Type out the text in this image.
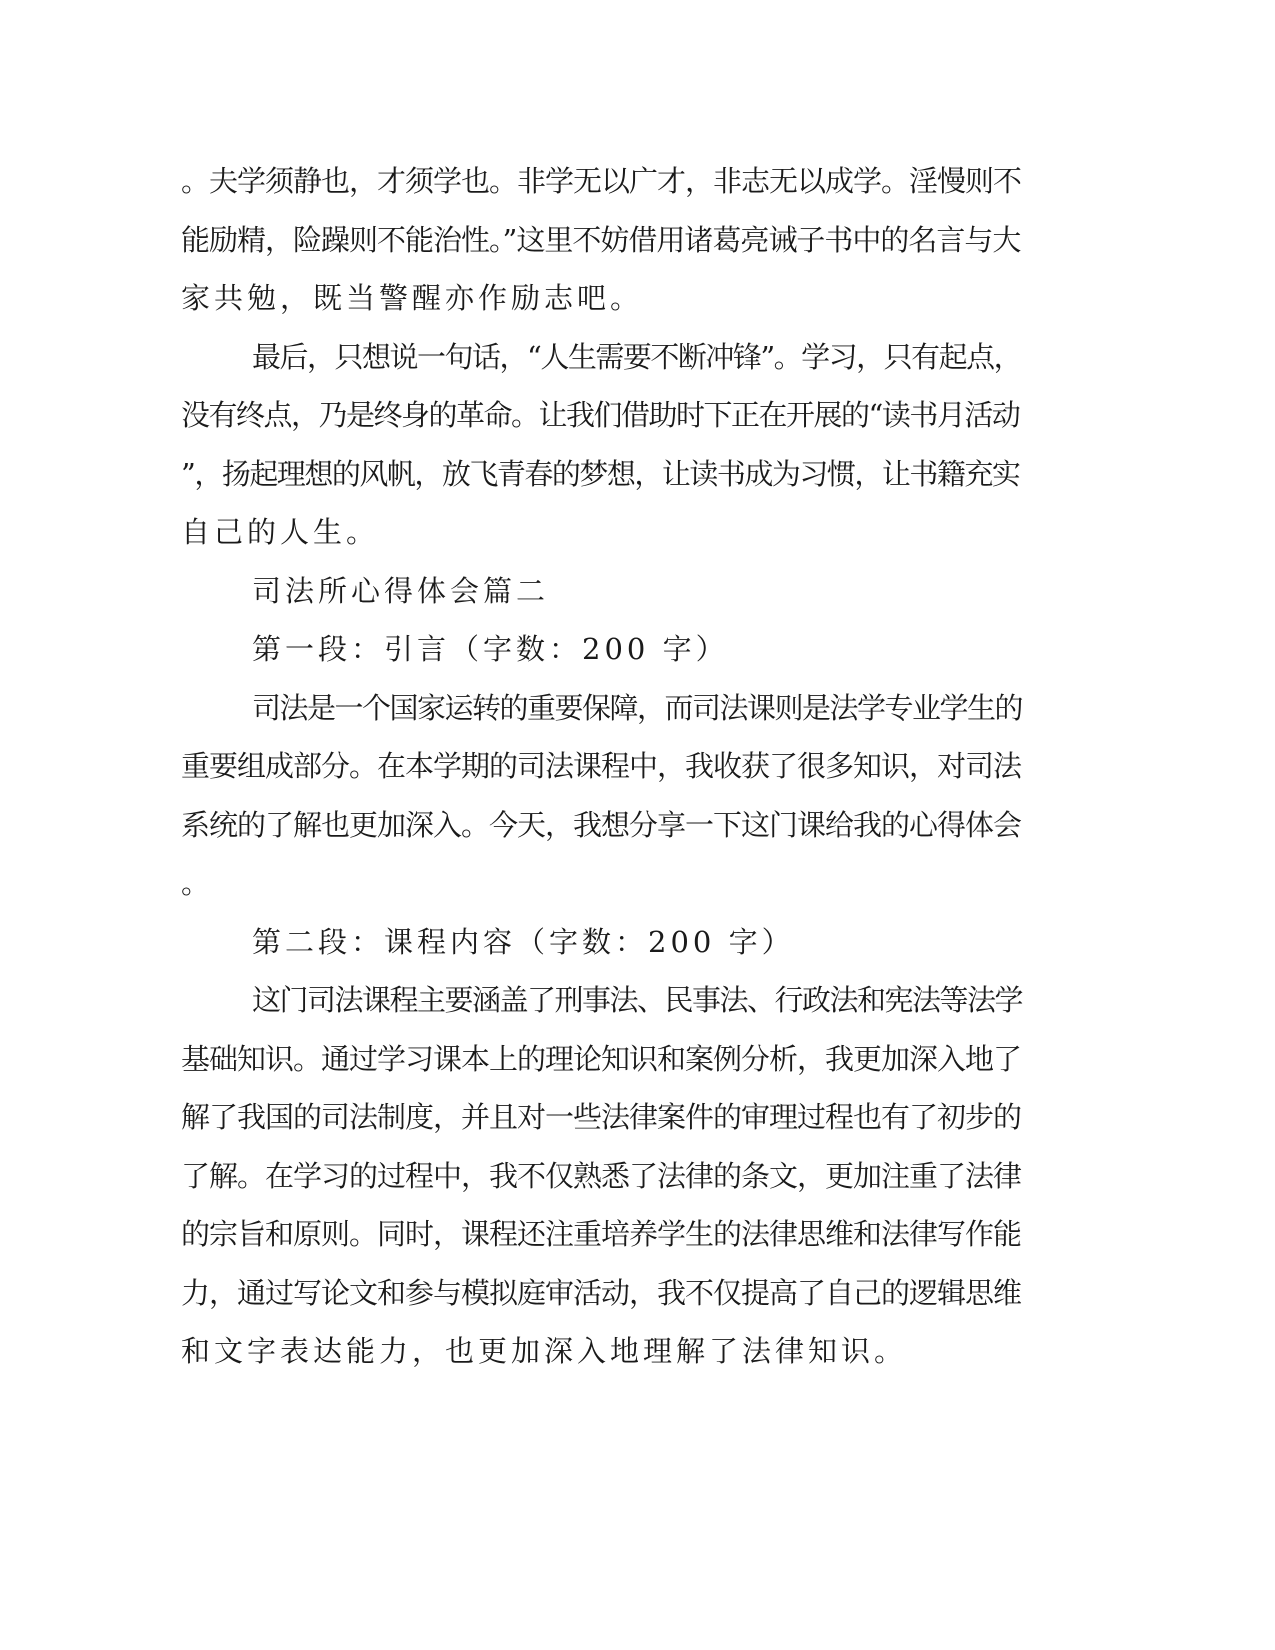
。夫学须静也，才须学也。非学无以广才，非志无以成学。淫慢则不
能励精，险躁则不能治性。”这里不妨借用诸葛亮诫子书中的名言与大
家共勉，既当警醒亦作励志吧。
最后，只想说一句话，“人生需要不断冲锋”。学习，只有起点，
没有终点，乃是终身的革命。让我们借助时下正在开展的“读书月活动
”，扬起理想的风帆，放飞青春的梦想，让读书成为习惯，让书籍充实
自己的人生。
司法所心得体会篇二
第一段：引言（字数：200 字）
司法是一个国家运转的重要保障，而司法课则是法学专业学生的
重要组成部分。在本学期的司法课程中，我收获了很多知识，对司法
系统的了解也更加深入。今天，我想分享一下这门课给我的心得体会
。
第二段：课程内容（字数：200 字）
这门司法课程主要涵盖了刑事法、民事法、行政法和宪法等法学
基础知识。通过学习课本上的理论知识和案例分析，我更加深入地了
解了我国的司法制度，并且对一些法律案件的审理过程也有了初步的
了解。在学习的过程中，我不仅熟悉了法律的条文，更加注重了法律
的宗旨和原则。同时，课程还注重培养学生的法律思维和法律写作能
力，通过写论文和参与模拟庭审活动，我不仅提高了自己的逻辑思维
和文字表达能力，也更加深入地理解了法律知识。
